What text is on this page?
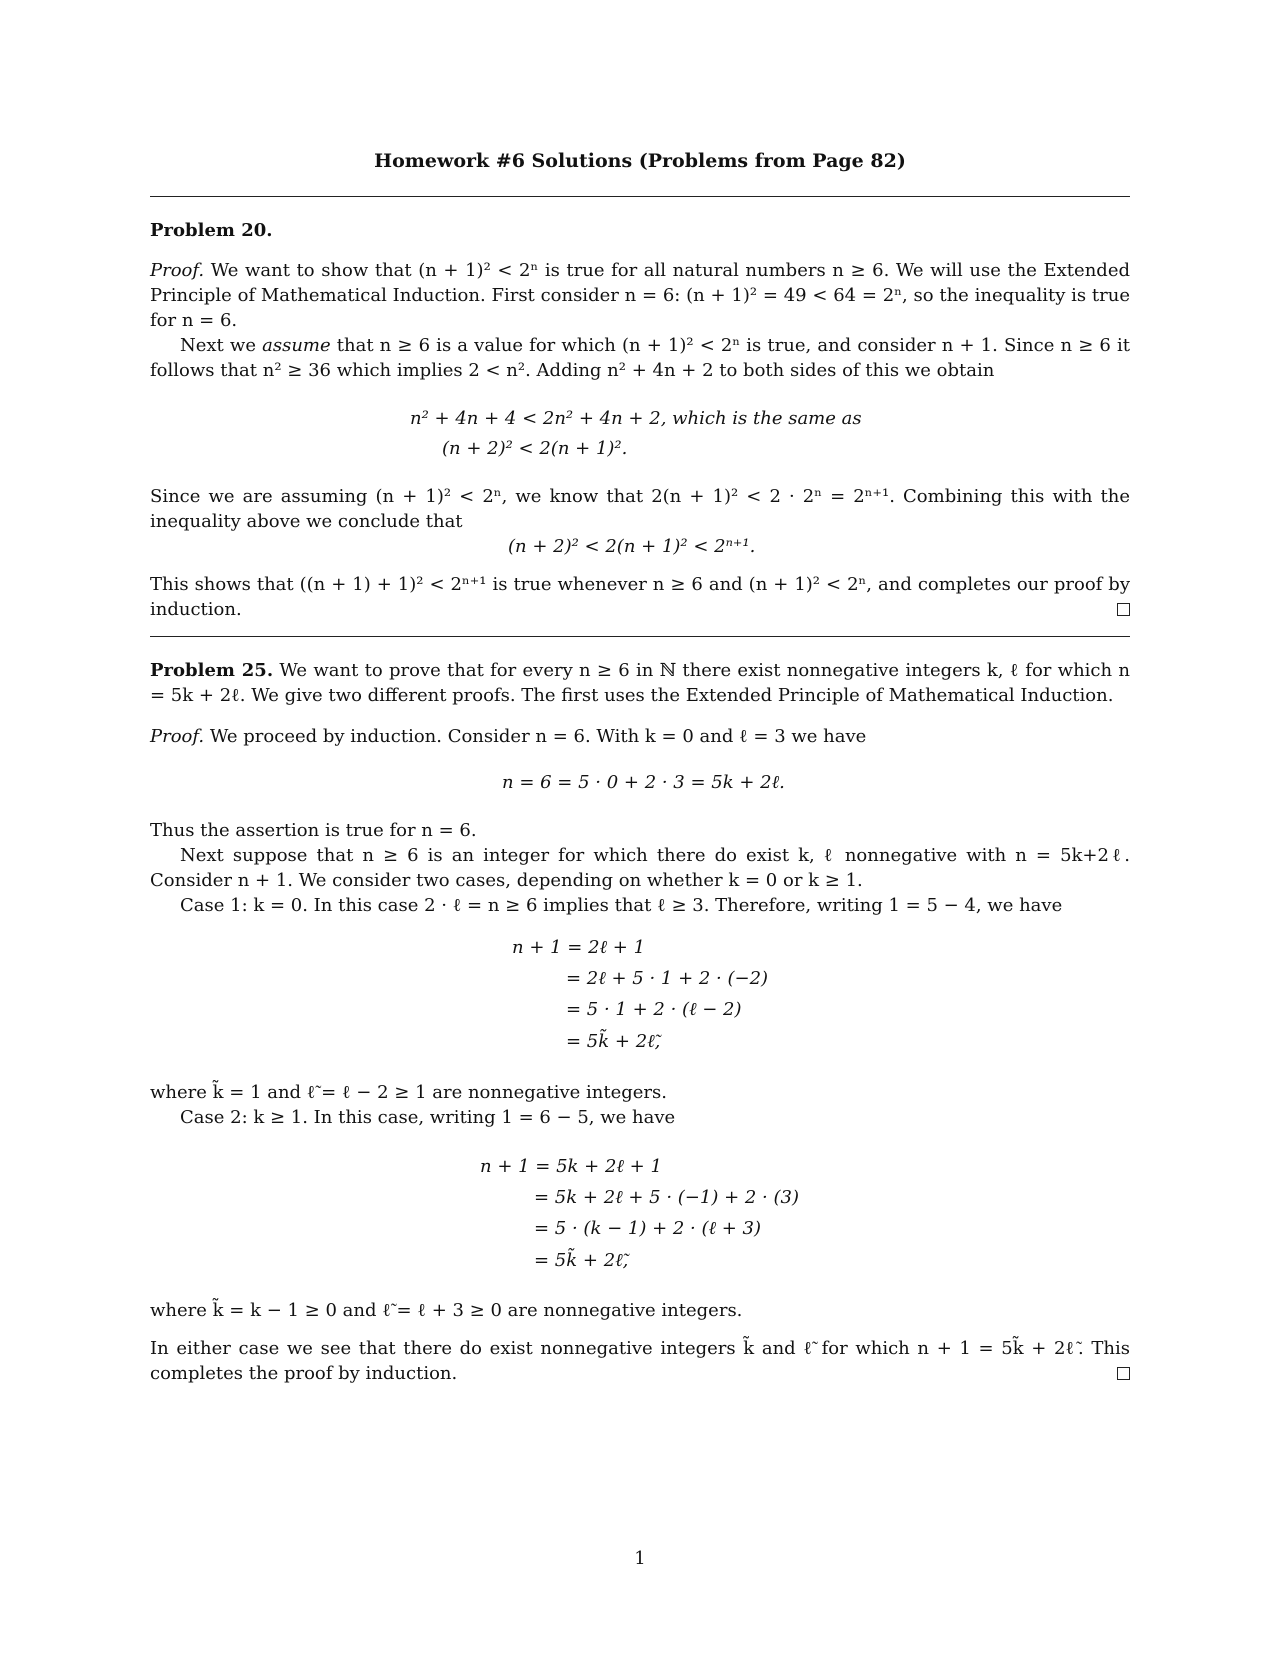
Homework #6 Solutions (Problems from Page 82)
Problem 20.
Proof. We want to show that (n + 1)² < 2ⁿ is true for all natural numbers n ≥ 6. We will use the Extended Principle of Mathematical Induction. First consider n = 6: (n + 1)² = 49 < 64 = 2ⁿ, so the inequality is true for n = 6.
Next we assume that n ≥ 6 is a value for which (n + 1)² < 2ⁿ is true, and consider n + 1. Since n ≥ 6 it follows that n² ≥ 36 which implies 2 < n². Adding n² + 4n + 2 to both sides of this we obtain
n² + 4n + 4 < 2n² + 4n + 2, which is the same as
(n + 2)² < 2(n + 1)².
Since we are assuming (n + 1)² < 2ⁿ, we know that 2(n + 1)² < 2 · 2ⁿ = 2ⁿ⁺¹. Combining this with the inequality above we conclude that
(n + 2)² < 2(n + 1)² < 2ⁿ⁺¹.
This shows that ((n + 1) + 1)² < 2ⁿ⁺¹ is true whenever n ≥ 6 and (n + 1)² < 2ⁿ, and completes our proof by induction.
Problem 25. We want to prove that for every n ≥ 6 in ℕ there exist nonnegative integers k, ℓ for which n = 5k + 2ℓ. We give two different proofs. The first uses the Extended Principle of Mathematical Induction.
Proof. We proceed by induction. Consider n = 6. With k = 0 and ℓ = 3 we have
n = 6 = 5 · 0 + 2 · 3 = 5k + 2ℓ.
Thus the assertion is true for n = 6.
Next suppose that n ≥ 6 is an integer for which there do exist k, ℓ nonnegative with n = 5k+2ℓ. Consider n + 1. We consider two cases, depending on whether k = 0 or k ≥ 1.
Case 1: k = 0. In this case 2 · ℓ = n ≥ 6 implies that ℓ ≥ 3. Therefore, writing 1 = 5 − 4, we have
n + 1 = 2ℓ + 1
= 2ℓ + 5 · 1 + 2 · (−2)
= 5 · 1 + 2 · (ℓ − 2)
= 5k̃ + 2ℓ̃,
where k̃ = 1 and ℓ̃ = ℓ − 2 ≥ 1 are nonnegative integers.
Case 2: k ≥ 1. In this case, writing 1 = 6 − 5, we have
n + 1 = 5k + 2ℓ + 1
= 5k + 2ℓ + 5 · (−1) + 2 · (3)
= 5 · (k − 1) + 2 · (ℓ + 3)
= 5k̃ + 2ℓ̃,
where k̃ = k − 1 ≥ 0 and ℓ̃ = ℓ + 3 ≥ 0 are nonnegative integers.
In either case we see that there do exist nonnegative integers k̃ and ℓ̃ for which n + 1 = 5k̃ + 2ℓ̃. This completes the proof by induction.
1
